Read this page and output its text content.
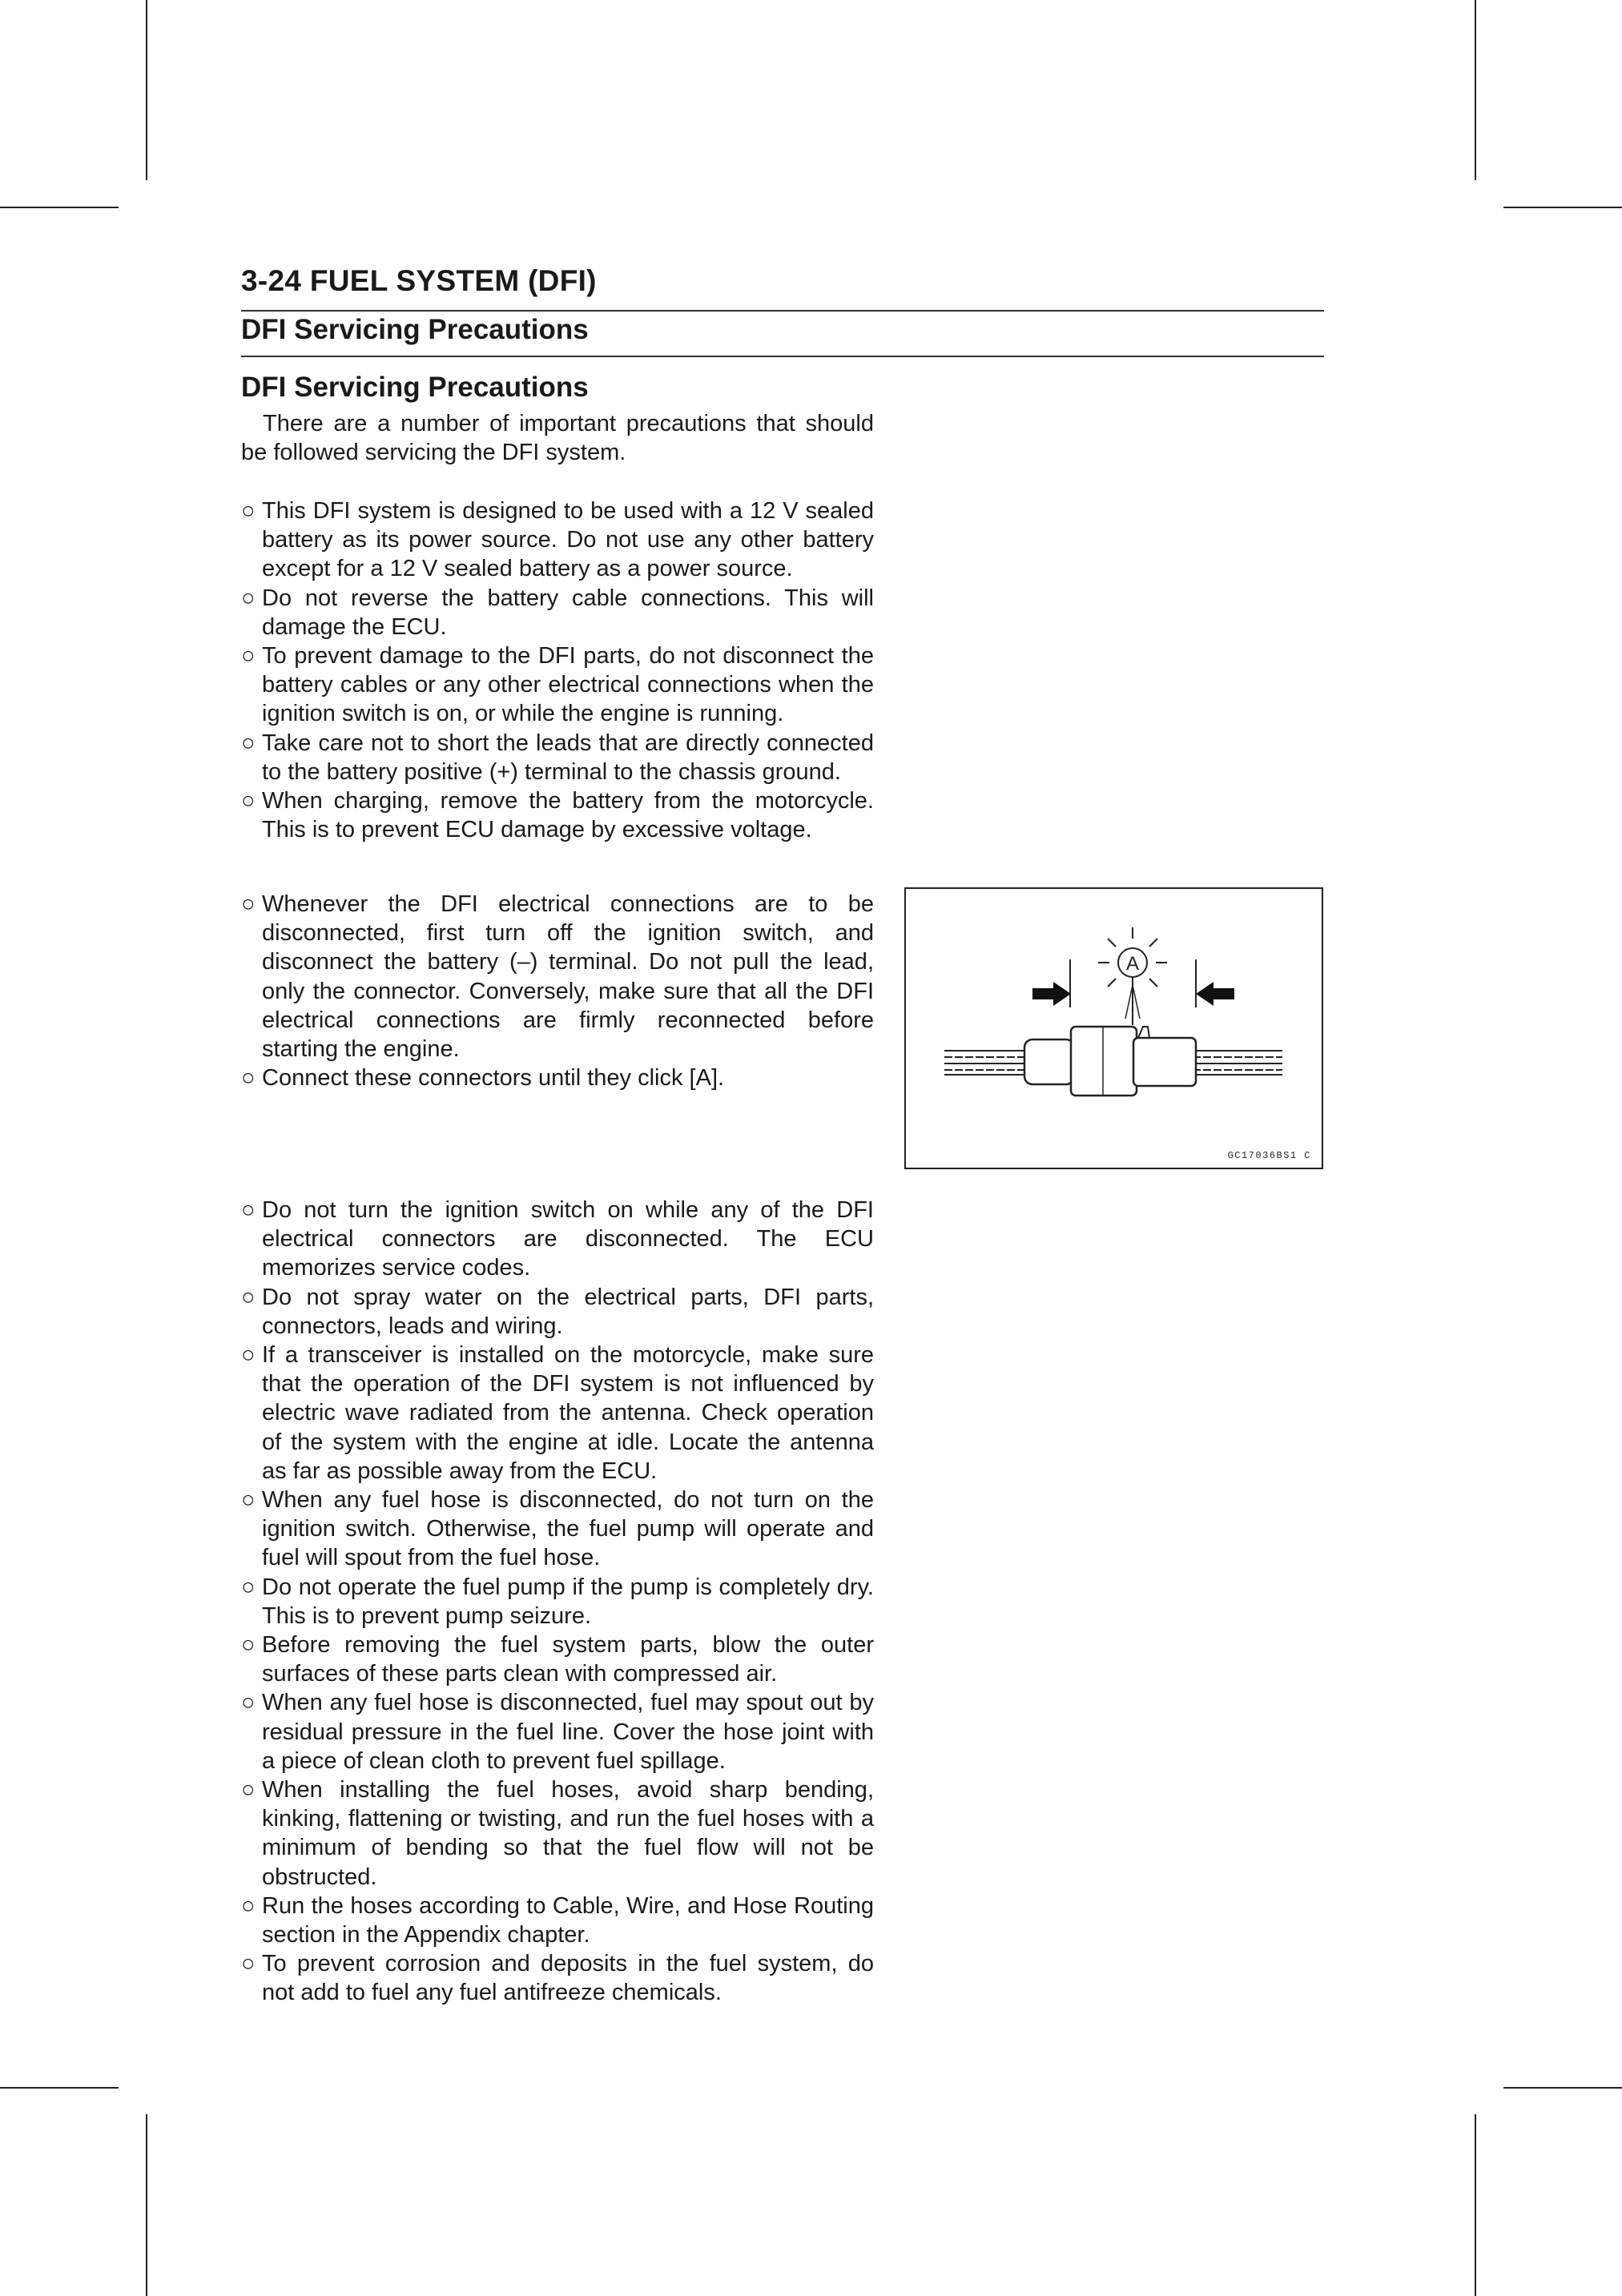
3-24 FUEL SYSTEM (DFI)
DFI Servicing Precautions
DFI Servicing Precautions

There are a number of important precautions that should be followed servicing the DFI system.

○ This DFI system is designed to be used with a 12 V sealed battery as its power source. Do not use any other battery except for a 12 V sealed battery as a power source.
○ Do not reverse the battery cable connections. This will damage the ECU.
○ To prevent damage to the DFI parts, do not disconnect the battery cables or any other electrical connections when the ignition switch is on, or while the engine is running.
○ Take care not to short the leads that are directly connected to the battery positive (+) terminal to the chassis ground.
○ When charging, remove the battery from the motorcycle. This is to prevent ECU damage by excessive voltage.
○ Whenever the DFI electrical connections are to be disconnected, first turn off the ignition switch, and disconnect the battery (–) terminal. Do not pull the lead, only the connector. Conversely, make sure that all the DFI electrical connections are firmly reconnected before starting the engine.
○ Connect these connectors until they click [A].
A
GC17036BS1 C
○ Do not turn the ignition switch on while any of the DFI electrical connectors are disconnected. The ECU memorizes service codes.
○ Do not spray water on the electrical parts, DFI parts, connectors, leads and wiring.
○ If a transceiver is installed on the motorcycle, make sure that the operation of the DFI system is not influenced by electric wave radiated from the antenna. Check operation of the system with the engine at idle. Locate the antenna as far as possible away from the ECU.
○ When any fuel hose is disconnected, do not turn on the ignition switch. Otherwise, the fuel pump will operate and fuel will spout from the fuel hose.
○ Do not operate the fuel pump if the pump is completely dry. This is to prevent pump seizure.
○ Before removing the fuel system parts, blow the outer surfaces of these parts clean with compressed air.
○ When any fuel hose is disconnected, fuel may spout out by residual pressure in the fuel line. Cover the hose joint with a piece of clean cloth to prevent fuel spillage.
○ When installing the fuel hoses, avoid sharp bending, kinking, flattening or twisting, and run the fuel hoses with a minimum of bending so that the fuel flow will not be obstructed.
○ Run the hoses according to Cable, Wire, and Hose Routing section in the Appendix chapter.
○ To prevent corrosion and deposits in the fuel system, do not add to fuel any fuel antifreeze chemicals.
